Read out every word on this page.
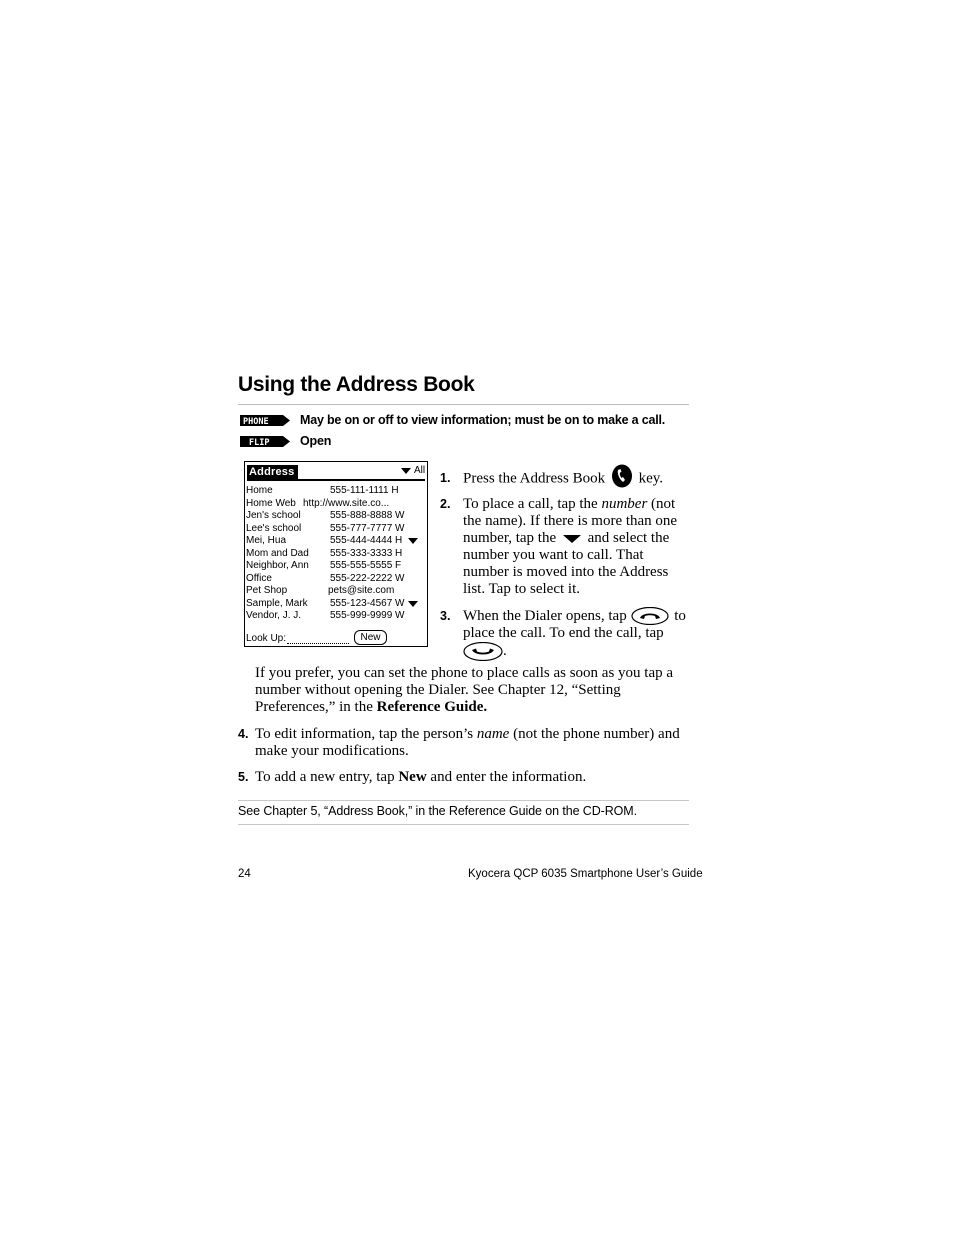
Using the Address Book
PHONE	May be on or off to view information; must be on to make a call.
FLIP Open
Address	All
Home	555-111-1111 H
Home Web http://www.site.co...
Jen's school	555-888-8888 W
Lee's school	555-777-7777 W
Mei, Hua	555-444-4444 H
Mom and Dad 555-333-3333 H
Neighbor, Ann 555-555-5555 F
Office	555-222-2222 W
Pet Shop	pets@site.com
Sample, Mark 555-123-4567 W
Vendor, J. J.	555-999-9999 W
Look Up:	New
1. Press the Address Book key.
2. To place a call, tap the number (not
the name). If there is more than one
number, tap the and select the
number you want to call. That
number is moved into the Address
list. Tap to select it.
3. When the Dialer opens, tap	to
place the call. To end the call, tap
.
If you prefer, you can set the phone to place calls as soon as you tap a
number without opening the Dialer. See Chapter 12, “Setting
Preferences,” in the Reference Guide.
4. To edit information, tap the person’s name (not the phone number) and
make your modifications.
5. To add a new entry, tap New and enter the information.
See Chapter 5, “Address Book,” in the Reference Guide on the CD-ROM.
24	Kyocera QCP 6035 Smartphone User’s Guide
